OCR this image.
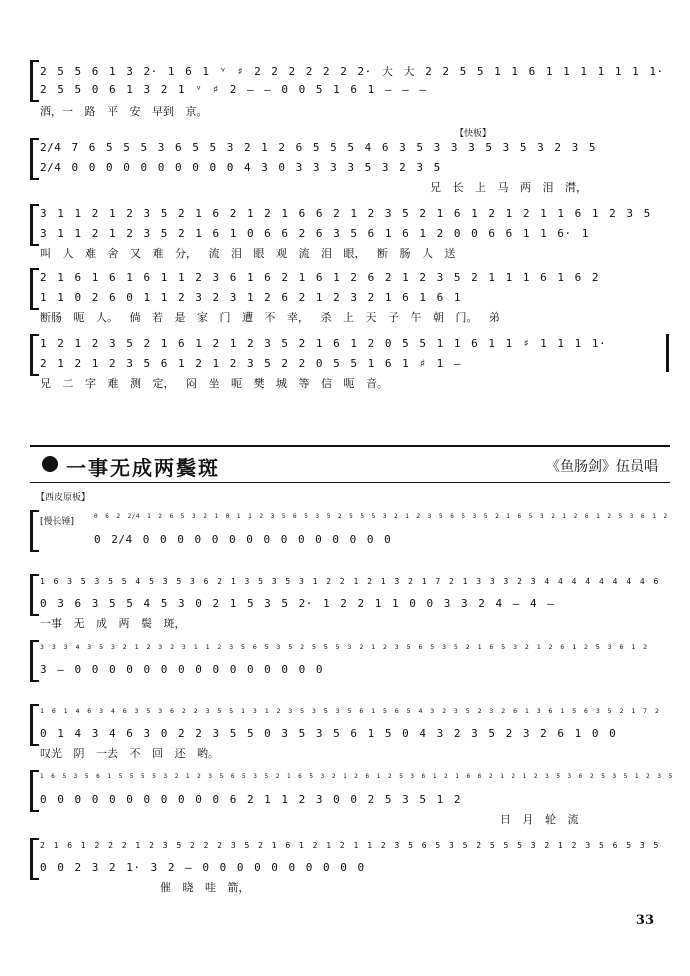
2 5 5 6 1 3 2· 1 6 1 ᵛ ♯ 2 2 2 2 2 2 2· 大 大 2 2 5 5 1 1 6 1 1 1 1 1 1 1·
2 5 5 0 6 1 3 2 1 ᵛ ♯ 2 – – 0 0 5 1 6 1 – – –
酒，一 路 平 安 早到 京。
【快板】
2/4 7 6 5 5 5 3 6 5 5 3 2 1 2 6 5 5 5 4 6 3 5 3 3 3 5 3 5 3 2 3 5
2/4 0 0 0 0 0 0 0 0 0 0 4 3 0 3 3 3 3 5 3 2 3 5
兄 长 上 马 两 泪 潸，
3 1 1 2 1 2 3 5 2 1 6 2 1 2 1 6 6 2 1 2 3 5 2 1 6 1 2 1 2 1 1 6 1 2 3 5
3 1 1 2 1 2 3 5 2 1 6 1 0 6 6 2 6 3 5 6 1 6 1 2 0 0 6 6 1 1 6· 1
叫 人 难 舍 又 难 分， 流 泪 眼 观 流 泪 眼， 断 肠 人 送
2 1 6 1 6 1 6 1 1 2 3 6 1 6 2 1 6 1 2 6 2 1 2 3 5 2 1 1 1 6 1 6 2
1 1 0 2 6 0 1 1 2 3 2 3 1 2 6 2 1 2 3 2 1 6 1 6 1
断肠 呃 人。 倘 若 是 家 门 遭 不 幸， 杀 上 天 子 午 朝 门。 弟
1 2 1 2 3 5 2 1 6 1 2 1 2 3 5 2 1 6 1 2 0 5 5 1 1 6 1 1 ♯ 1 1 1 1·
2 1 2 1 2 3 5 6 1 2 1 2 3 5 2 2 0 5 5 1 6 1 ♯ 1 –
兄 二 字 难 测 定， 闷 坐 呃 樊 城 等 信 呃 音。
一事无成两鬓斑	《鱼肠剑》伍员唱
【西皮原板】
[慢长锤]
0 6 2 2/4 1 2 6 5 3 2 1 0 1 1 2 3 5 6 5 3 5 2 5 5 5 3 2 1 2 3 5 6 5 3 5 2 1 6 5 3 2 1 2 6 1 2 5 3 6 1 2
0 2/4 0 0 0 0 0 0 0 0 0 0 0 0 0 0 0
1 6 3 5 3 5 5 4 5 3 5 3 6 2 1 3 5 3 5 3 1 2 2 1 2 1 3 2 1 7 2 1 3 3 3 2 3 4 4 4 4 4 4 4 4 6
0 3 6 3 5 5 4 5 3 0 2 1 5 3 5 2· 1 2 2 1 1 0 0 3 3 2 4 – 4 –
一事 无 成 两 鬓 斑，
3 3 3 4 3 5 3 2 1 2 3 2 3 1 1 2 3 5 6 5 3 5 2 5 5 5 3 2 1 2 3 5 6 5 3 5 2 1 6 5 3 2 1 2 6 1 2 5 3 6 1 2
3 – 0 0 0 0 0 0 0 0 0 0 0 0 0 0 0
1 6 1 4 6 3 4 6 3 5 3 6 2 2 3 5 5 1 3 1 2 3 5 3 5 3 5 6 1 5 6 5 4 3 2 3 5 2 3 2 6 1 3 6 1 5 6 3 5 2 1 7 2
0 1 4 3 4 6 3 0 2 2 3 5 5 0 3 5 3 5 6 1 5 0 4 3 2 3 5 2 3 2 6 1 0 0
叹光 阴 一去 不 回 还 哟。
1 6 5 3 5 6 1 5 5 5 5 3 2 1 2 3 5 6 5 3 5 2 1 6 5 3 2 1 2 6 1 2 5 3 6 1 2 1 6 6 2 1 2 1 2 3 5 3 6 2 5 3 5 1 2 3 5
0 0 0 0 0 0 0 0 0 0 0 6 2 1 1 2 3 0 0 2 5 3 5 1 2
日 月 轮 流
2 1 6 1 2 2 2 1 2 3 5 2 2 2 3 5 2 1 6 1 2 1 2 1 1 2 3 5 6 5 3 5 2 5 5 5 3 2 1 2 3 5 6 5 3 5
0 0 2 3 2 1· 3 2 – 0 0 0 0 0 0 0 0 0 0
催 晓 哇 箭，
33
